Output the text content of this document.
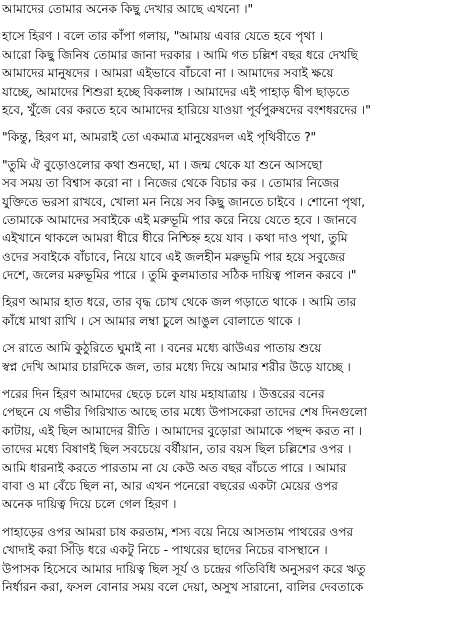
আমাদের তোমার অনেক কিছু দেখার আছে এখনো ।"
হাসে হিরণ । বলে তার কাঁপা গলায়, "আমায় এবার যেতে হবে পৃথা ।
আরো কিছু জিনিষ তোমার জানা দরকার । আমি গত চল্লিশ বছর ধরে দেখছি
আমাদের মানুষদের । আমরা এইভাবে বাঁচবো না । আমাদের সবাই ক্ষয়ে
যাচ্ছে, আমাদের শিশুরা হচ্ছে বিকলাঙ্গ । আমাদের এই পাহাড় দ্বীপ ছাড়তে
হবে, খুঁজে বের করতে হবে আমাদের হারিয়ে যাওয়া পূর্বপুরুষদের বংশধরদের ।"
"কিন্তু, হিরণ মা, আমরাই তো একমাত্র মানুষেরদল এই পৃথিবীতে ?"
"তুমি ঐ বুড়োওলোর কথা শুনছো, মা । জন্ম থেকে যা শুনে আসছো
সব সময় তা বিশ্বাস করো না । নিজের থেকে বিচার কর । তোমার নিজের
যুক্তিতে ভরসা রাখবে, খোলা মন নিয়ে সব কিছু জানতে চাইবে । শোনো পৃথা,
তোমাকে আমাদের সবাইকে এই মরুভূমি পার করে নিয়ে যেতে হবে । জানবে
এইখানে থাকলে আমরা ধীরে ধীরে নিশ্চিহ্ন হয়ে যাব । কথা দাও পৃথা, তুমি
ওদের সবাইকে বাঁচাবে, নিয়ে যাবে এই জলহীন মরুভূমি পার হয়ে সবুজের
দেশে, জলের মরুভূমির পারে । তুমি কুলমাতার সঠিক দায়িত্ব পালন করবে ।"
হিরণ আমার হাত ধরে, তার বৃদ্ধ চোখ থেকে জল গড়াতে থাকে । আমি তার
কাঁধে মাথা রাখি । সে আমার লম্বা চুলে আঙুল বোলাতে থাকে ।
সে রাতে আমি কুঠুরিতে ঘুমাই না । বনের মধ্যে ঝাউএর পাতায় শুয়ে
স্বপ্ন দেখি আমার চারদিকে জল, তার মধ্যে দিয়ে আমার শরীর উড়ে যাচ্ছে ।
পরের দিন হিরণ আমাদের ছেড়ে চলে যায় মহাযাত্রায় । উত্তরের বনের
পেছনে যে গভীর গিরিখাত আছে তার মধ্যে উপাসকেরা তাদের শেষ দিনগুলো
কাটায়, এই ছিল আমাদের রীতি । আমাদের বুড়োরা আমাকে পছন্দ করত না ।
তাদের মধ্যে বিষাণই ছিল সবচেয়ে বর্ষীয়ান, তার বয়স ছিল চল্লিশের ওপর ।
আমি ধারনাই করতে পারতাম না যে কেউ অত বছর বাঁচতে পারে । আমার
বাবা ও মা বেঁচে ছিল না, আর এখন পনেরো বছরের একটা মেয়ের ওপর
অনেক দায়িত্ব দিয়ে চলে গেল হিরণ ।
পাহাড়ের ওপর আমরা চাষ করতাম, শস্য বয়ে নিয়ে আসতাম পাথরের ওপর
খোদাই করা সিঁড়ি ধরে একটু নিচে - পাথরের ছাদের নিচের বাসস্থানে ।
উপাসক হিসেবে আমার দায়িত্ব ছিল সূর্য ও চন্দ্রের গতিবিধি অনুসরণ করে ঋতু
নির্ধারন করা, ফসল বোনার সময় বলে দেয়া, অসুখ সারানো, বালির দেবতাকে
